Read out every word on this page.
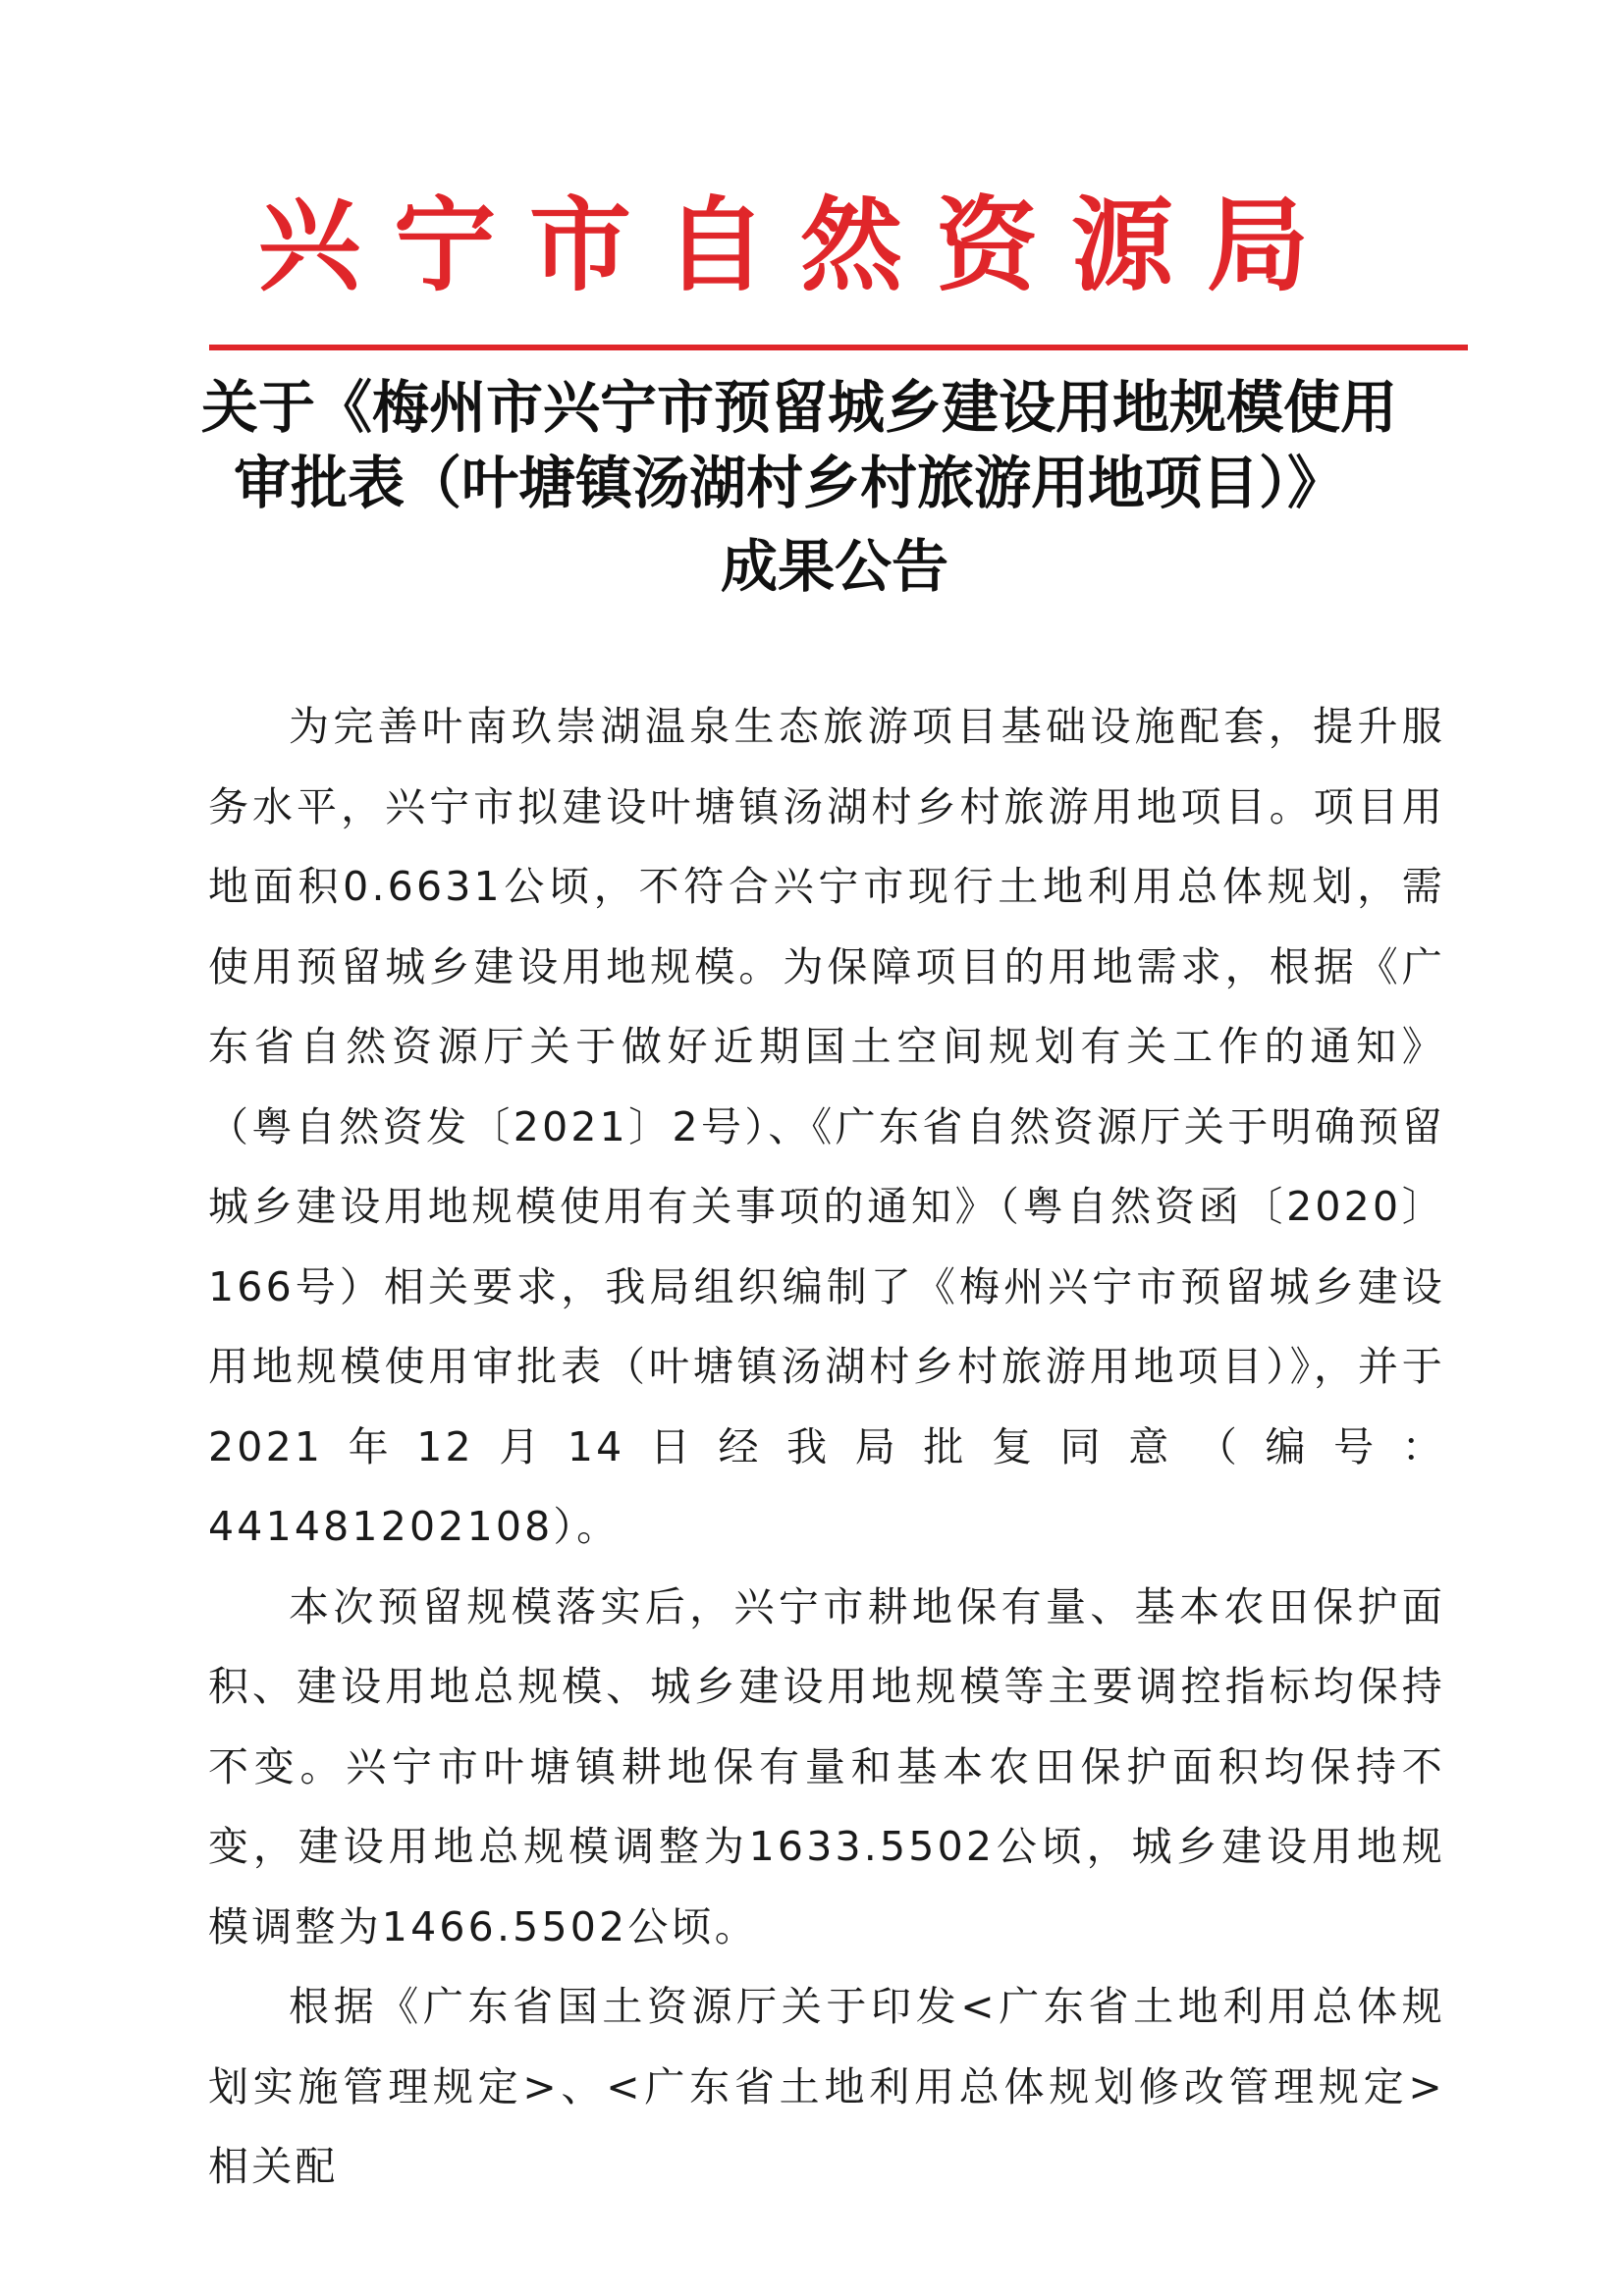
兴宁市自然资源局
关于《梅州市兴宁市预留城乡建设用地规模使用
审批表（叶塘镇汤湖村乡村旅游用地项目）》
成果公告

为完善叶南玖崇湖温泉生态旅游项目基础设施配套，提升服务水平，兴宁市拟建设叶塘镇汤湖村乡村旅游用地项目。项目用地面积0.6631公顷，不符合兴宁市现行土地利用总体规划，需使用预留城乡建设用地规模。为保障项目的用地需求，根据《广东省自然资源厅关于做好近期国土空间规划有关工作的通知》（粤自然资发〔2021〕2号）、《广东省自然资源厅关于明确预留城乡建设用地规模使用有关事项的通知》（粤自然资函〔2020〕166号）相关要求，我局组织编制了《梅州兴宁市预留城乡建设用地规模使用审批表（叶塘镇汤湖村乡村旅游用地项目）》，并于2021年12月14日经我局批复同意（编号：441481202108）。

本次预留规模落实后，兴宁市耕地保有量、基本农田保护面积、建设用地总规模、城乡建设用地规模等主要调控指标均保持不变。兴宁市叶塘镇耕地保有量和基本农田保护面积均保持不变，建设用地总规模调整为1633.5502公顷，城乡建设用地规模调整为1466.5502公顷。

根据《广东省国土资源厅关于印发<广东省土地利用总体规划实施管理规定>、<广东省土地利用总体规划修改管理规定>相关配
